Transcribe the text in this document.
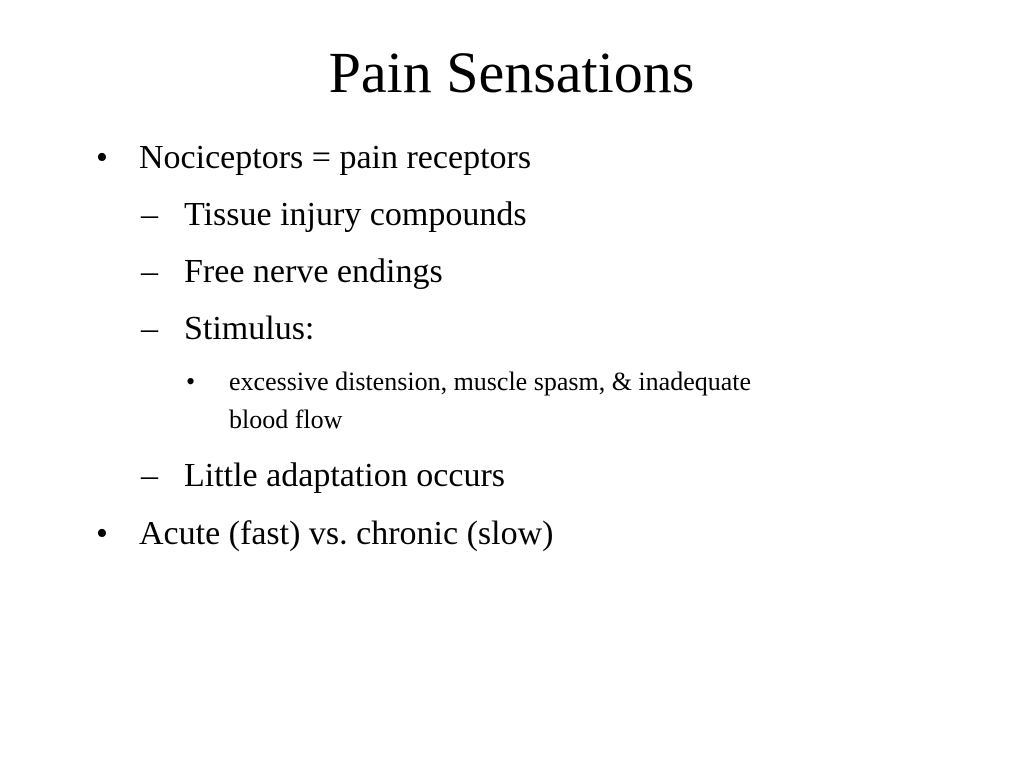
Pain Sensations
• Nociceptors = pain receptors
– Tissue injury compounds
– Free nerve endings
– Stimulus:
• excessive distension, muscle spasm, & inadequate
blood flow
– Little adaptation occurs
• Acute (fast) vs. chronic (slow)
